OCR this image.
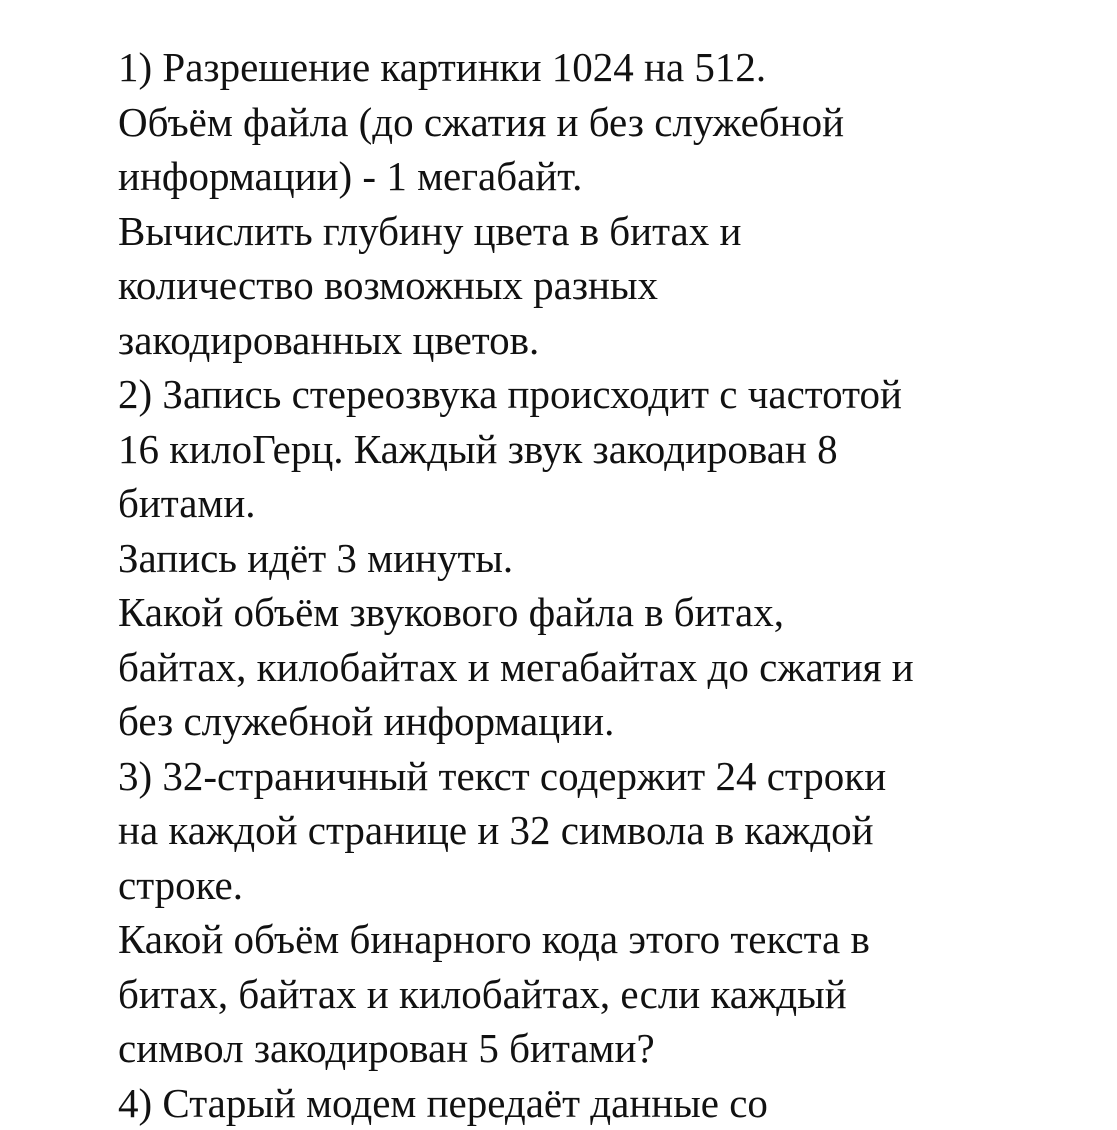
1) Разрешение картинки 1024 на 512.
Объём файла (до сжатия и без служебной
информации) - 1 мегабайт.
Вычислить глубину цвета в битах и
количество возможных разных
закодированных цветов.
2) Запись стереозвука происходит с частотой
16 килоГерц. Каждый звук закодирован 8
битами.
Запись идёт 3 минуты.
Какой объём звукового файла в битах,
байтах, килобайтах и мегабайтах до сжатия и
без служебной информации.
3) 32-страничный текст содержит 24 строки
на каждой странице и 32 символа в каждой
строке.
Какой объём бинарного кода этого текста в
битах, байтах и килобайтах, если каждый
символ закодирован 5 битами?
4) Старый модем передаёт данные со
